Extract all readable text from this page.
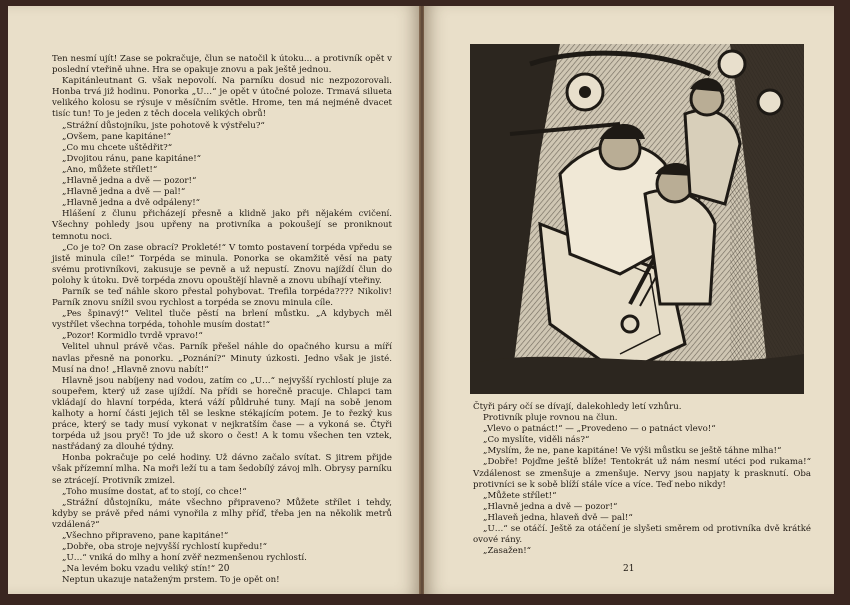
Ten nesmí ujít! Zase se pokračuje, člun se natočil k útoku... a protivník opět v poslední vteřině uhne. Hra se opakuje znovu a pak ještě jednou.

Kapitánleutnant G. však nepovolí. Na parníku dosud nic nezpozorovali. Honba trvá již hodinu. Ponorka „U…“ je opět v útočné poloze. Trmavá silueta velikého kolosu se rýsuje v měsíčním světle. Hrome, ten má nejméně dvacet tisíc tun! To je jeden z těch docela velikých obrů!

„Strážní důstojníku, jste pohotově k výstřelu?“

„Ovšem, pane kapitáne!“

„Co mu chcete uštědřit?“

„Dvojitou ránu, pane kapitáne!“

„Ano, můžete střílet!“

„Hlavně jedna a dvě — pozor!“

„Hlavně jedna a dvě — pal!“

„Hlavně jedna a dvě odpáleny!“

Hlášení z člunu přicházejí přesně a klidně jako při nějakém cvičení. Všechny pohledy jsou upřeny na protivníka a pokoušejí se proniknout temnotu noci.

„Co je to? On zase obrací? Prokleté!“ V tomto postavení torpéda vpředu se jistě minula cíle!“ Torpéda se minula. Ponorka se okamžitě věsí na paty svému protivníkovi, zakusuje se pevně a už nepustí. Znovu najíždí člun do polohy k útoku. Dvě torpéda znovu opouštějí hlavně a znovu ubíhají vteřiny.

Parník se teď náhle skoro přestal pohybovat. Trefila torpéda???? Nikoliv! Parník znovu snížil svou rychlost a torpéda se znovu minula cíle.

„Pes špinavý!“ Velitel tluče pěstí na brlení můstku. „A kdybych měl vystřílet všechna torpéda, tohohle musím dostat!“

„Pozor! Kormidlo tvrdě vpravo!“

Velitel uhnul právě včas. Parník přešel náhle do opačného kursu a míří navlas přesně na ponorku. „Poznání?“ Minuty úzkosti. Jedno však je jisté. Musí na dno! „Hlavně znovu nabít!“

Hlavně jsou nabíjeny nad vodou, zatím co „U…“ nejvyšší rychlostí pluje za soupeřem, který už zase ujíždí. Na přídi se horečně pracuje. Chlapci tam vkládají do hlavní torpéda, která váží půldruhé tuny. Mají na sobě jenom kalhoty a horní části jejich těl se leskne stékajícím potem. Je to řezký kus práce, který se tady musí vykonat v nejkratším čase — a vykoná se. Čtyři torpéda už jsou pryč! To jde už skoro o čest! A k tomu všechen ten vztek, nastřádaný za dlouhé týdny.

Honba pokračuje po celé hodiny. Už dávno začalo svítat. S jitrem přijde však přízemní mlha. Na moři leží tu a tam šedobílý závoj mlh. Obrysy parníku se ztrácejí. Protivník zmizel.

„Toho musíme dostat, ať to stojí, co chce!“

„Strážní důstojníku, máte všechno připraveno? Můžete střílet i tehdy, kdyby se právě před námi vynořila z mlhy příď, třeba jen na několik metrů vzdálená?“

„Všechno připraveno, pane kapitáne!“

„Dobře, oba stroje nejvyšší rychlostí kupředu!“

„U…“ vniká do mlhy a honí zvěř nezmenšenou rychlostí.

„Na levém boku vzadu veliký stín!“

Neptun ukazuje nataženým prstem. To je opět on!

20

Čtyři páry očí se dívají, dalekohledy letí vzhůru.

Protivník pluje rovnou na člun.

„Vlevo o patnáct!“ — „Provedeno — o patnáct vlevo!“

„Co myslíte, viděli nás?“

„Myslím, že ne, pane kapitáne! Ve výši můstku se ještě táhne mlha!“

„Dobře! Pojďme ještě blíže! Tentokrát už nám nesmí utéci pod rukama!“ Vzdálenost se zmenšuje a zmenšuje. Nervy jsou napjaty k prasknutí. Oba protivníci se k sobě blíží stále více a více. Teď nebo nikdy!

„Můžete střílet!“

„Hlavně jedna a dvě — pozor!“

„Hlaveň jedna, hlaveň dvě — pal!“

„U…“ se otáčí. Ještě za otáčení je slyšeti směrem od protivníka dvě krátké ovové rány.

„Zasažen!“

21
